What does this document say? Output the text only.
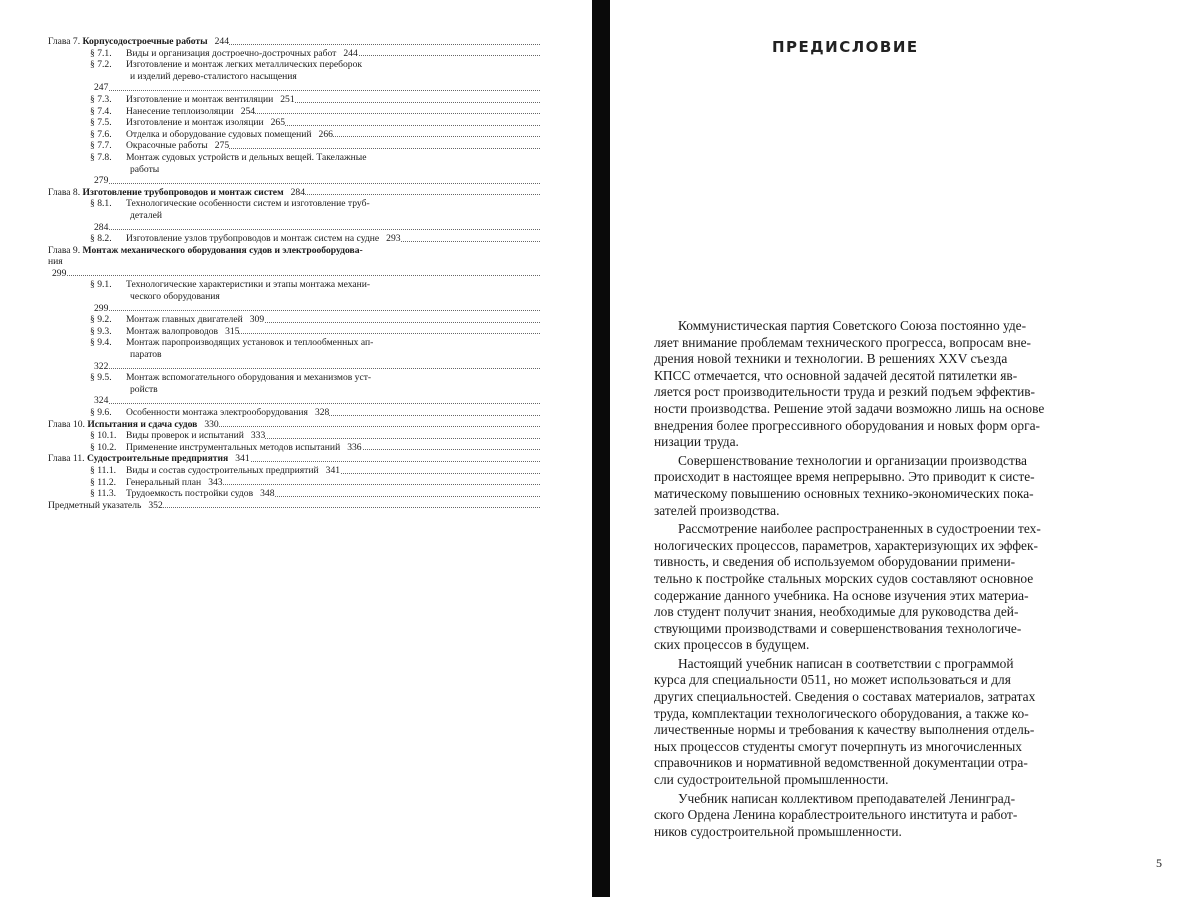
Глава 7. Корпусодостроечные работы 244
§ 7.1.Виды и организация достроечно-дострочных работ 244
§ 7.2.Изготовление и монтаж легких металлических переборок
и изделий дерево-сталистого насыщения
247
§ 7.3.Изготовление и монтаж вентиляции 251
§ 7.4.Нанесение теплоизоляции 254
§ 7.5.Изготовление и монтаж изоляции 265
§ 7.6.Отделка и оборудование судовых помещений 266
§ 7.7.Окрасочные работы 275
§ 7.8.Монтаж судовых устройств и дельных вещей. Такелажные
работы
279
Глава 8. Изготовление трубопроводов и монтаж систем 284
§ 8.1.Технологические особенности систем и изготовление труб-
деталей
284
§ 8.2.Изготовление узлов трубопроводов и монтаж систем на судне 293
Глава 9. Монтаж механического оборудования судов и электрооборудова-
ния
299
§ 9.1.Технологические характеристики и этапы монтажа механи-
ческого оборудования
299
§ 9.2.Монтаж главных двигателей 309
§ 9.3.Монтаж валопроводов 315
§ 9.4.Монтаж паропроизводящих установок и теплообменных ап-
паратов
322
§ 9.5.Монтаж вспомогательного оборудования и механизмов уст-
ройств
324
§ 9.6.Особенности монтажа электрооборудования 328
Глава 10. Испытания и сдача судов 330
§ 10.1.Виды проверок и испытаний 333
§ 10.2.Применение инструментальных методов испытаний 336
Глава 11. Судостроительные предприятия 341
§ 11.1.Виды и состав судостроительных предприятий 341
§ 11.2.Генеральный план 343
§ 11.3.Трудоемкость постройки судов 348
Предметный указатель 352
ПРЕДИСЛОВИЕ

Коммунистическая партия Советского Союза постоянно уде-
ляет внимание проблемам технического прогресса, вопросам вне-
дрения новой техники и технологии. В решениях XXV съезда
КПСС отмечается, что основной задачей десятой пятилетки яв-
ляется рост производительности труда и резкий подъем эффектив-
ности производства. Решение этой задачи возможно лишь на основе
внедрения более прогрессивного оборудования и новых форм орга-
низации труда.

Совершенствование технологии и организации производства
происходит в настоящее время непрерывно. Это приводит к систе-
матическому повышению основных технико-экономических пока-
зателей производства.

Рассмотрение наиболее распространенных в судостроении тех-
нологических процессов, параметров, характеризующих их эффек-
тивность, и сведения об используемом оборудовании примени-
тельно к постройке стальных морских судов составляют основное
содержание данного учебника. На основе изучения этих материа-
лов студент получит знания, необходимые для руководства дей-
ствующими производствами и совершенствования технологиче-
ских процессов в будущем.

Настоящий учебник написан в соответствии с программой
курса для специальности 0511, но может использоваться и для
других специальностей. Сведения о составах материалов, затратах
труда, комплектации технологического оборудования, а также ко-
личественные нормы и требования к качеству выполнения отдель-
ных процессов студенты смогут почерпнуть из многочисленных
справочников и нормативной ведомственной документации отра-
сли судостроительной промышленности.

Учебник написан коллективом преподавателей Ленинград-
ского Ордена Ленина кораблестроительного института и работ-
ников судостроительной промышленности.

5
